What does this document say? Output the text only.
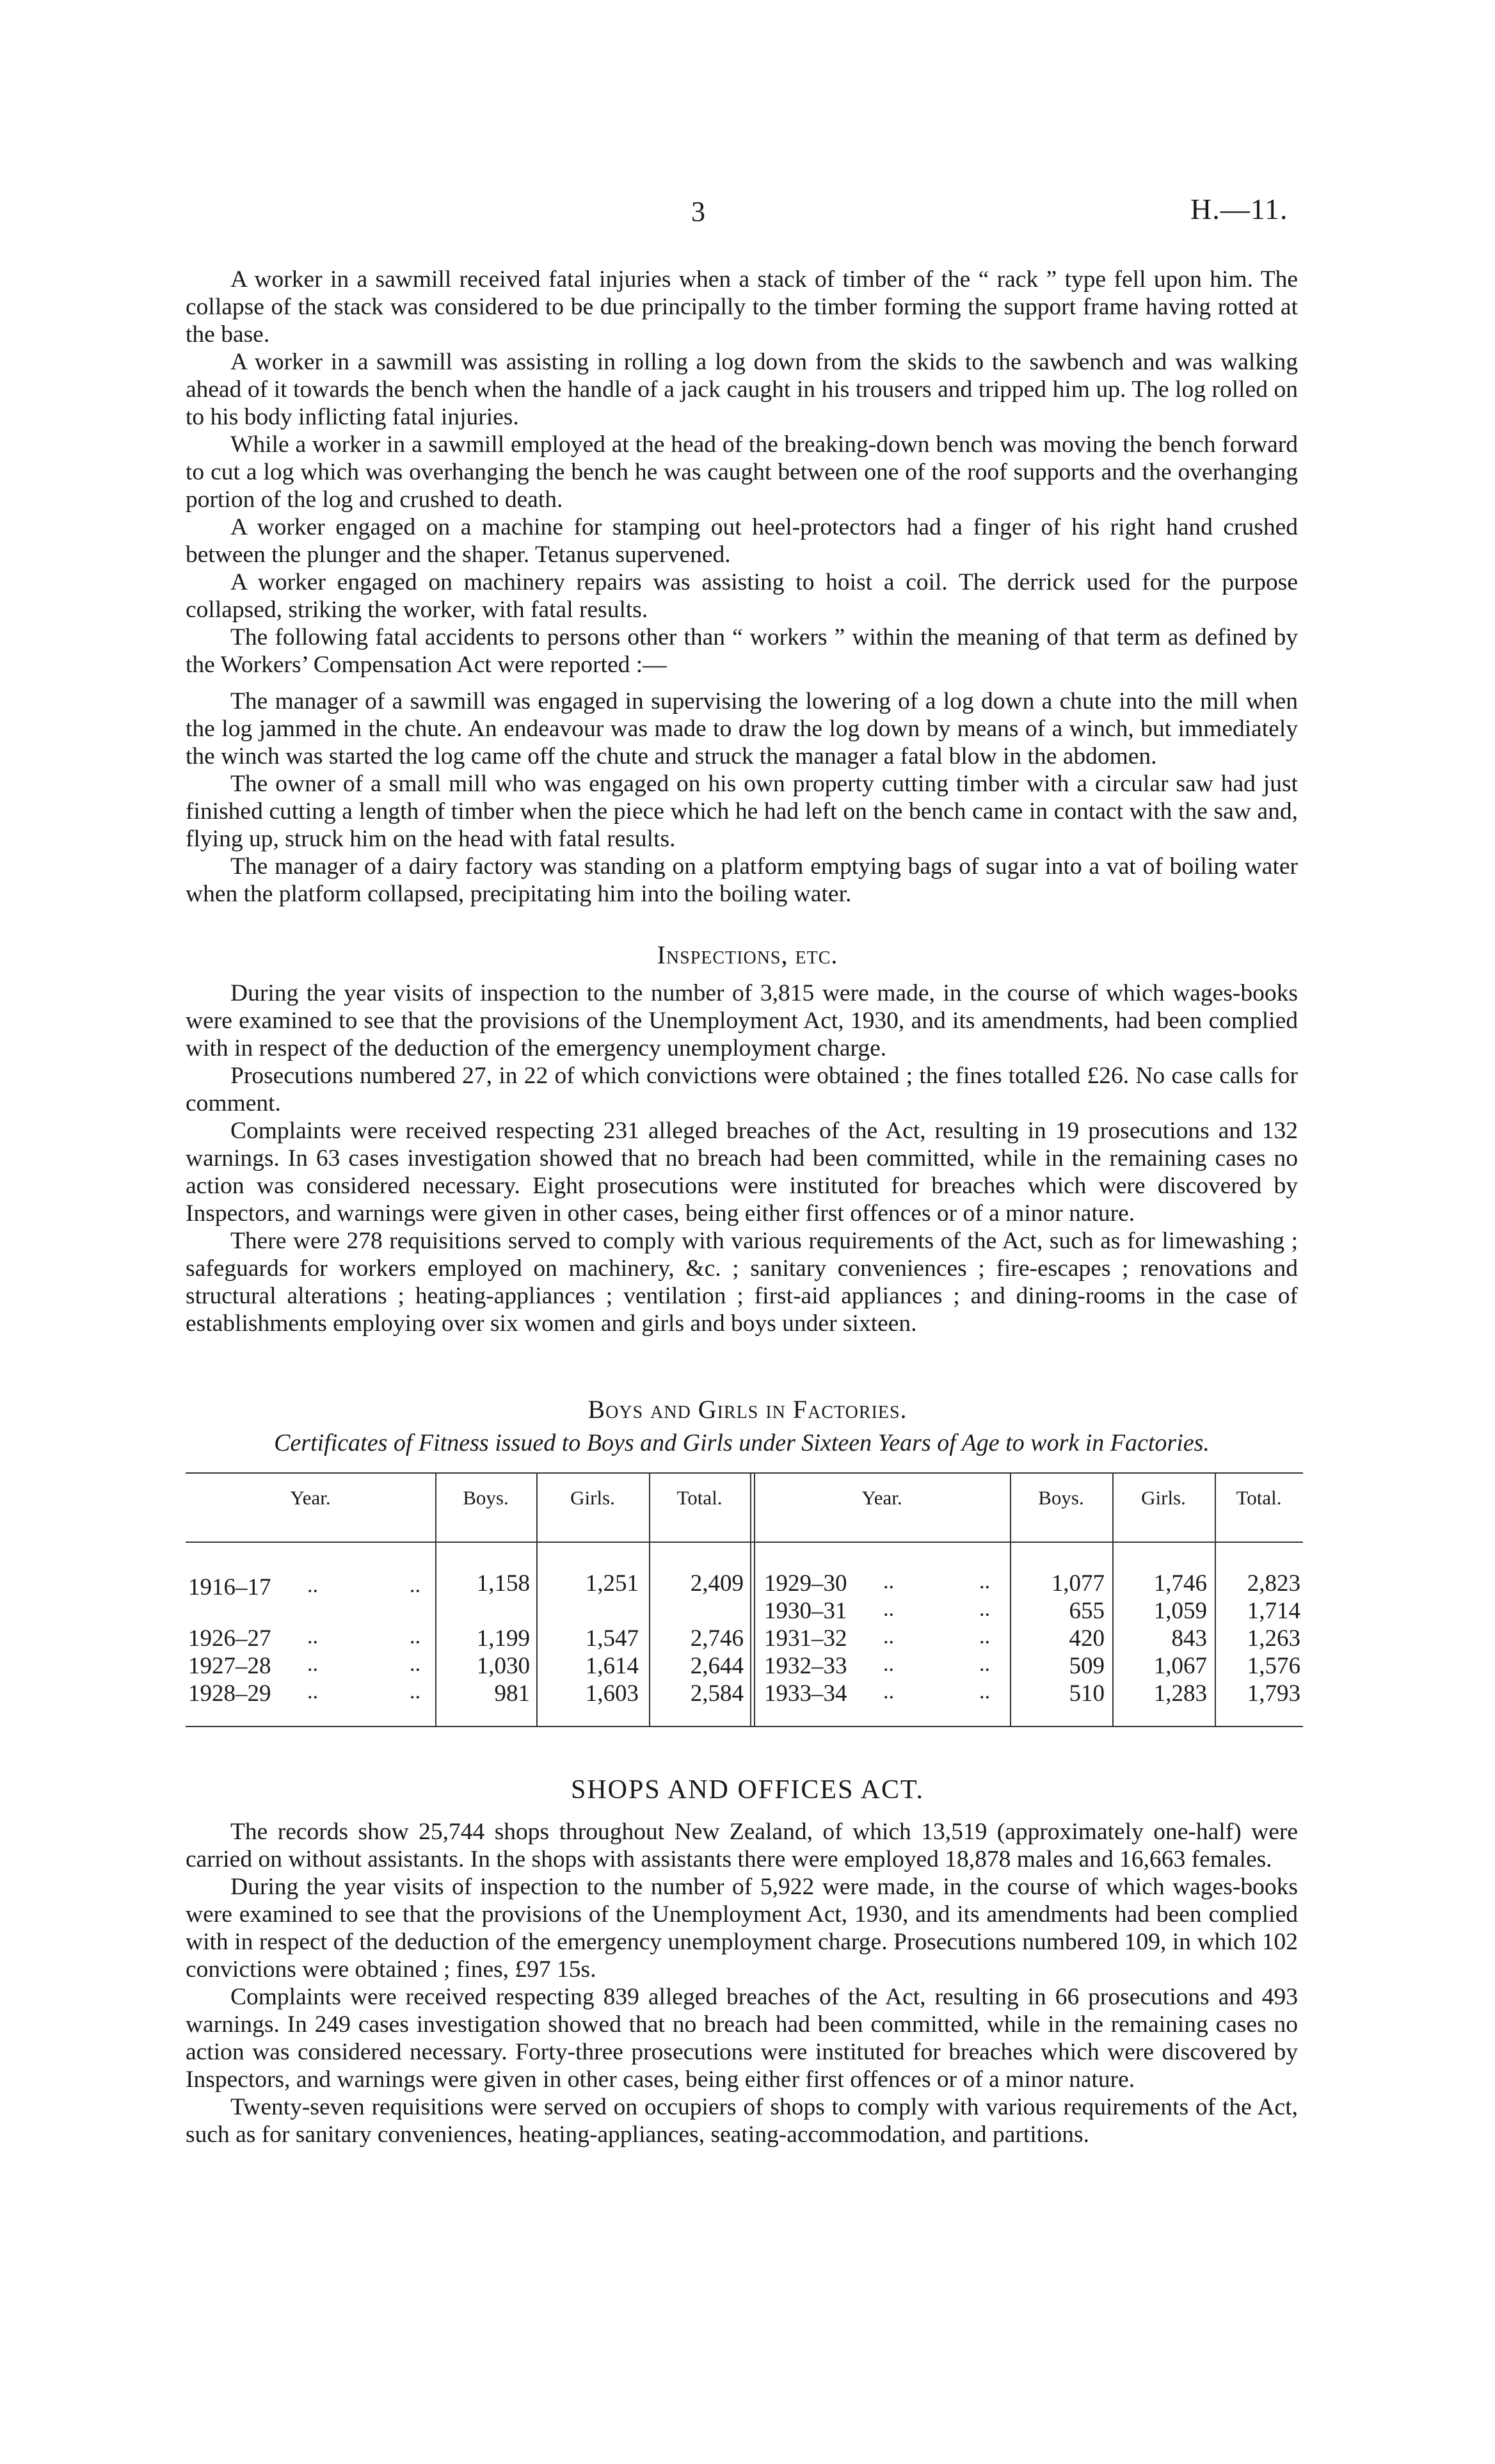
3	H.—11.

A worker in a sawmill received fatal injuries when a stack of timber of the “ rack ” type fell upon him. The collapse of the stack was considered to be due principally to the timber forming the support frame having rotted at the base.

A worker in a sawmill was assisting in rolling a log down from the skids to the sawbench and was walking ahead of it towards the bench when the handle of a jack caught in his trousers and tripped him up. The log rolled on to his body inflicting fatal injuries.

While a worker in a sawmill employed at the head of the breaking-down bench was moving the bench forward to cut a log which was overhanging the bench he was caught between one of the roof supports and the overhanging portion of the log and crushed to death.

A worker engaged on a machine for stamping out heel-protectors had a finger of his right hand crushed between the plunger and the shaper. Tetanus supervened.

A worker engaged on machinery repairs was assisting to hoist a coil. The derrick used for the purpose collapsed, striking the worker, with fatal results.

The following fatal accidents to persons other than “ workers ” within the meaning of that term as defined by the Workers’ Compensation Act were reported :—

The manager of a sawmill was engaged in supervising the lowering of a log down a chute into the mill when the log jammed in the chute. An endeavour was made to draw the log down by means of a winch, but immediately the winch was started the log came off the chute and struck the manager a fatal blow in the abdomen.

The owner of a small mill who was engaged on his own property cutting timber with a circular saw had just finished cutting a length of timber when the piece which he had left on the bench came in contact with the saw and, flying up, struck him on the head with fatal results.

The manager of a dairy factory was standing on a platform emptying bags of sugar into a vat of boiling water when the platform collapsed, precipitating him into the boiling water.

Inspections, etc.

During the year visits of inspection to the number of 3,815 were made, in the course of which wages-books were examined to see that the provisions of the Unemployment Act, 1930, and its amendments, had been complied with in respect of the deduction of the emergency unemployment charge.

Prosecutions numbered 27, in 22 of which convictions were obtained ; the fines totalled £26. No case calls for comment.

Complaints were received respecting 231 alleged breaches of the Act, resulting in 19 prosecutions and 132 warnings. In 63 cases investigation showed that no breach had been committed, while in the remaining cases no action was considered necessary. Eight prosecutions were instituted for breaches which were discovered by Inspectors, and warnings were given in other cases, being either first offences or of a minor nature.

There were 278 requisitions served to comply with various requirements of the Act, such as for limewashing ; safeguards for workers employed on machinery, &c. ; sanitary conveniences ; fire-escapes ; renovations and structural alterations ; heating-appliances ; ventilation ; first-aid appliances ; and dining-rooms in the case of establishments employing over six women and girls and boys under sixteen.

Boys and Girls in Factories.
Certificates of Fitness issued to Boys and Girls under Sixteen Years of Age to work in Factories.
Year.	Boys.	Girls.	Total.	Year.	Boys.	Girls.	Total.
1916–17 ..	..	1,158	1,251	2,409
1926–27 ..	..	1,199	1,547	2,746
1927–28 ..	..	1,030	1,614	2,644
1928–29 ..	..	981	1,603	2,584
1929–30 ..	..	1,077	1,746	2,823
1930–31 ..	..	655	1,059	1,714
1931–32 ..	..	420	843	1,263
1932–33 ..	..	509	1,067	1,576
1933–34 ..	..	510	1,283	1,793
SHOPS AND OFFICES ACT.

The records show 25,744 shops throughout New Zealand, of which 13,519 (approximately one-half) were carried on without assistants. In the shops with assistants there were employed 18,878 males and 16,663 females.

During the year visits of inspection to the number of 5,922 were made, in the course of which wages-books were examined to see that the provisions of the Unemployment Act, 1930, and its amendments had been complied with in respect of the deduction of the emergency unemployment charge. Prosecutions numbered 109, in which 102 convictions were obtained ; fines, £97 15s.

Complaints were received respecting 839 alleged breaches of the Act, resulting in 66 prosecutions and 493 warnings. In 249 cases investigation showed that no breach had been committed, while in the remaining cases no action was considered necessary. Forty-three prosecutions were instituted for breaches which were discovered by Inspectors, and warnings were given in other cases, being either first offences or of a minor nature.

Twenty-seven requisitions were served on occupiers of shops to comply with various requirements of the Act, such as for sanitary conveniences, heating-appliances, seating-accommodation, and partitions.
